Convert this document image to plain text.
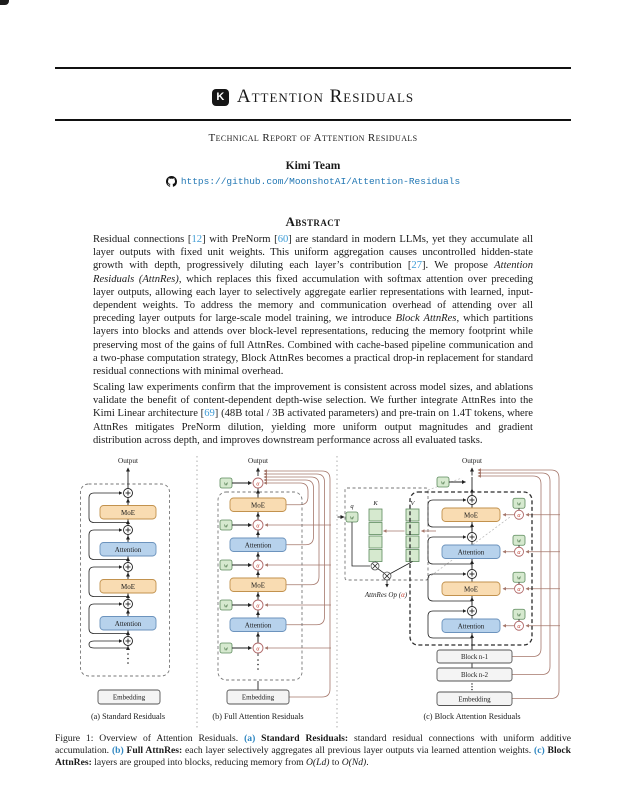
K Attention Residuals
Technical Report of Attention Residuals
Kimi Team
https://github.com/MoonshotAI/Attention-Residuals
Abstract

Residual connections [12] with PreNorm [60] are standard in modern LLMs, yet they accumulate all layer outputs with fixed unit weights. This uniform aggregation causes uncontrolled hidden-state growth with depth, progressively diluting each layer’s contribution [27]. We propose Attention Residuals (AttnRes), which replaces this fixed accumulation with softmax attention over preceding layer outputs, allowing each layer to selectively aggregate earlier representations with learned, input-dependent weights. To address the memory and communication overhead of attending over all preceding layer outputs for large-scale model training, we introduce Block AttnRes, which partitions layers into blocks and attends over block-level representations, reducing the memory footprint while preserving most of the gains of full AttnRes. Combined with cache-based pipeline communication and a two-phase computation strategy, Block AttnRes becomes a practical drop-in replacement for standard residual connections with minimal overhead.

Scaling law experiments confirm that the improvement is consistent across model sizes, and ablations validate the benefit of content-dependent depth-wise selection. We further integrate AttnRes into the Kimi Linear architecture [69] (48B total / 3B activated parameters) and pre-train on 1.4T tokens, where AttnRes mitigates PreNorm dilution, yielding more uniform output magnitudes and gradient distribution across depth, and improves downstream performance across all evaluated tasks.

Output
MoE
Attention
MoE
Attention
Embedding
(a) Standard Residuals
Output
w	α
w	α
w	α
w	α
w	α
MoE
Attention
MoE
Attention
Embedding
(b) Full Attention Residuals
q
w
K	V
AttnRes Op (α)
Output
w
MoE
Attention
MoE
Attention
w
α
w
α
w
α
w
α
Block n-1
Block n-2
Embedding
(c) Block Attention Residuals

Figure 1: Overview of Attention Residuals. (a) Standard Residuals: standard residual connections with uniform additive accumulation. (b) Full AttnRes: each layer selectively aggregates all previous layer outputs via learned attention weights. (c) Block AttnRes: layers are grouped into blocks, reducing memory from O(Ld) to O(Nd).
